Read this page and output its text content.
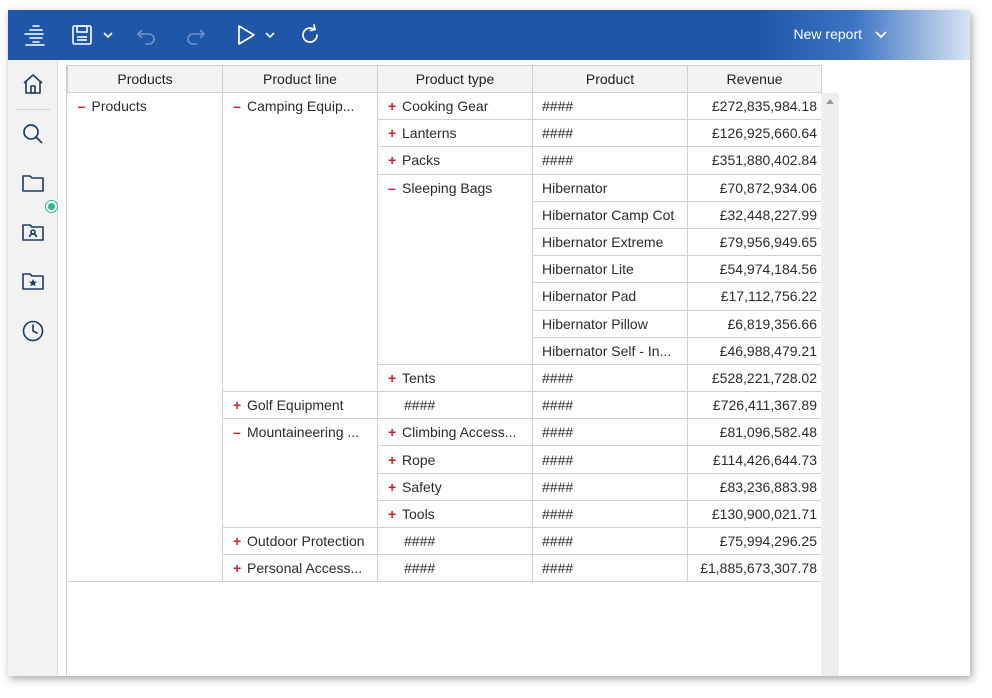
New report
Products	Product line	Product type	Product	Revenue	
– Products	– Camping Equip...	+ Cooking Gear	####	£272,835,984.18	
		+ Lanterns	####	£126,925,660.64	
		+ Packs	####	£351,880,402.84	
		– Sleeping Bags	Hibernator	£70,872,934.06	
			Hibernator Camp Cot	£32,448,227.99	
			Hibernator Extreme	£79,956,949.65	
			Hibernator Lite	£54,974,184.56	
			Hibernator Pad	£17,112,756.22	
			Hibernator Pillow	£6,819,356.66	
			Hibernator Self - In...	£46,988,479.21	
		+ Tents	####	£528,221,728.02	
	+ Golf Equipment	####	####	£726,411,367.89	
	– Mountaineering ...	+ Climbing Access...	####	£81,096,582.48	
		+ Rope	####	£114,426,644.73	
		+ Safety	####	£83,236,883.98	
		+ Tools	####	£130,900,021.71	
	+ Outdoor Protection	####	####	£75,994,296.25	
	+ Personal Access...	####	####	£1,885,673,307.78	
